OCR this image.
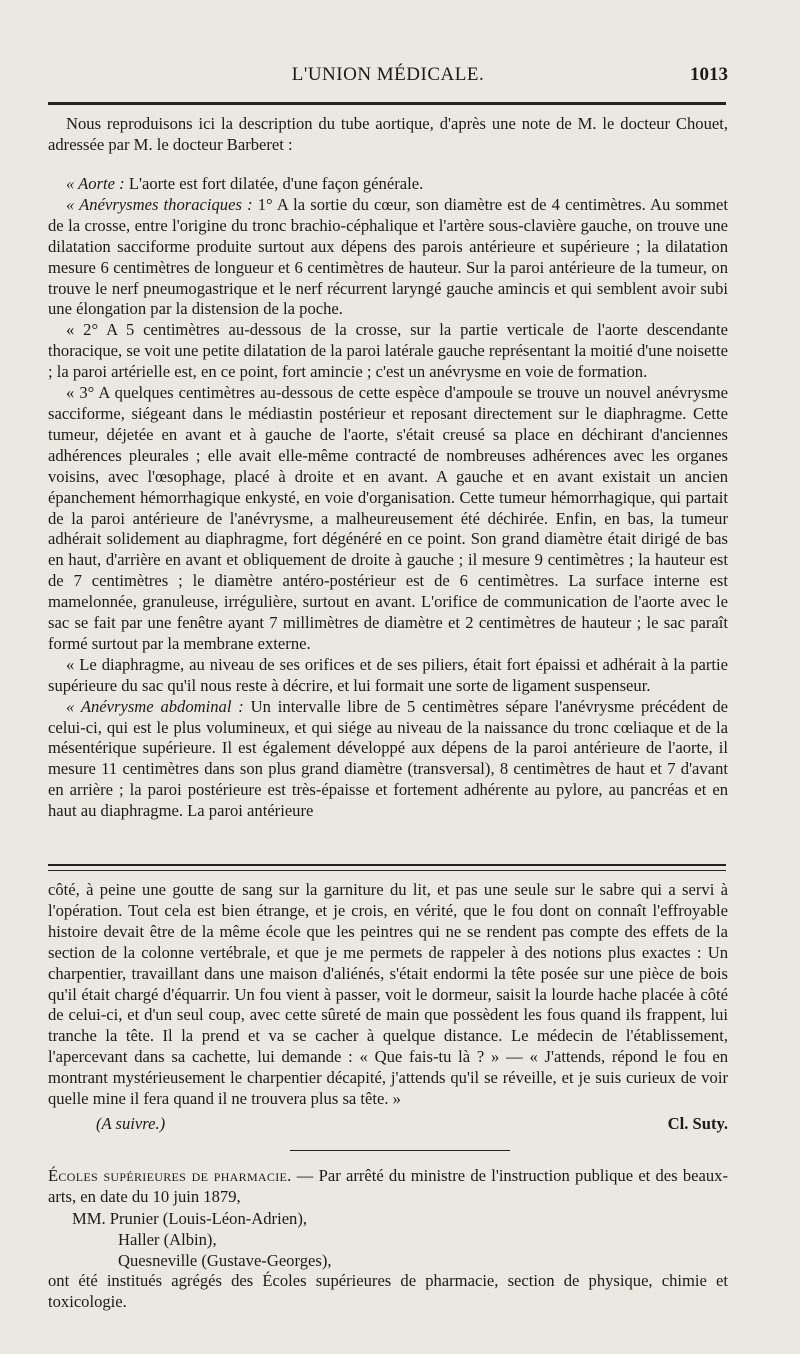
L'UNION MÉDICALE.	1013

Nous reproduisons ici la description du tube aortique, d'après une note de M. le docteur Chouet, adressée par M. le docteur Barberet :

« Aorte : L'aorte est fort dilatée, d'une façon générale.

« Anévrysmes thoraciques : 1° A la sortie du cœur, son diamètre est de 4 centimètres. Au sommet de la crosse, entre l'origine du tronc brachio-céphalique et l'artère sous-clavière gauche, on trouve une dilatation sacciforme produite surtout aux dépens des parois antérieure et supérieure ; la dilatation mesure 6 centimètres de longueur et 6 centimètres de hauteur. Sur la paroi antérieure de la tumeur, on trouve le nerf pneumogastrique et le nerf récurrent laryngé gauche amincis et qui semblent avoir subi une élongation par la distension de la poche.

« 2° A 5 centimètres au-dessous de la crosse, sur la partie verticale de l'aorte descendante thoracique, se voit une petite dilatation de la paroi latérale gauche représentant la moitié d'une noisette ; la paroi artérielle est, en ce point, fort amincie ; c'est un anévrysme en voie de formation.

« 3° A quelques centimètres au-dessous de cette espèce d'ampoule se trouve un nouvel anévrysme sacciforme, siégeant dans le médiastin postérieur et reposant directement sur le diaphragme. Cette tumeur, déjetée en avant et à gauche de l'aorte, s'était creusé sa place en déchirant d'anciennes adhérences pleurales ; elle avait elle-même contracté de nombreuses adhérences avec les organes voisins, avec l'œsophage, placé à droite et en avant. A gauche et en avant existait un ancien épanchement hémorrhagique enkysté, en voie d'organisation. Cette tumeur hémorrhagique, qui partait de la paroi antérieure de l'anévrysme, a malheureusement été déchirée. Enfin, en bas, la tumeur adhérait solidement au diaphragme, fort dégénéré en ce point. Son grand diamètre était dirigé de bas en haut, d'arrière en avant et obliquement de droite à gauche ; il mesure 9 centimètres ; la hauteur est de 7 centimètres ; le diamètre antéro-postérieur est de 6 centimètres. La surface interne est mamelonnée, granuleuse, irrégulière, surtout en avant. L'orifice de communication de l'aorte avec le sac se fait par une fenêtre ayant 7 millimètres de diamètre et 2 centimètres de hauteur ; le sac paraît formé surtout par la membrane externe.

« Le diaphragme, au niveau de ses orifices et de ses piliers, était fort épaissi et adhérait à la partie supérieure du sac qu'il nous reste à décrire, et lui formait une sorte de ligament suspenseur.

« Anévrysme abdominal : Un intervalle libre de 5 centimètres sépare l'anévrysme précédent de celui-ci, qui est le plus volumineux, et qui siége au niveau de la naissance du tronc cœliaque et de la mésentérique supérieure. Il est également développé aux dépens de la paroi antérieure de l'aorte, il mesure 11 centimètres dans son plus grand diamètre (transversal), 8 centimètres de haut et 7 d'avant en arrière ; la paroi postérieure est très-épaisse et fortement adhérente au pylore, au pancréas et en haut au diaphragme. La paroi antérieure

côté, à peine une goutte de sang sur la garniture du lit, et pas une seule sur le sabre qui a servi à l'opération. Tout cela est bien étrange, et je crois, en vérité, que le fou dont on connaît l'effroyable histoire devait être de la même école que les peintres qui ne se rendent pas compte des effets de la section de la colonne vertébrale, et que je me permets de rappeler à des notions plus exactes : Un charpentier, travaillant dans une maison d'aliénés, s'était endormi la tête posée sur une pièce de bois qu'il était chargé d'équarrir. Un fou vient à passer, voit le dormeur, saisit la lourde hache placée à côté de celui-ci, et d'un seul coup, avec cette sûreté de main que possèdent les fous quand ils frappent, lui tranche la tête. Il la prend et va se cacher à quelque distance. Le médecin de l'établissement, l'apercevant dans sa cachette, lui demande : « Que fais-tu là ? » — « J'attends, répond le fou en montrant mystérieusement le charpentier décapité, j'attends qu'il se réveille, et je suis curieux de voir quelle mine il fera quand il ne trouvera plus sa tête. »

(A suivre.)	Cl. Suty.

Écoles supérieures de pharmacie. — Par arrêté du ministre de l'instruction publique et des beaux-arts, en date du 10 juin 1879,

MM. Prunier (Louis-Léon-Adrien),
Haller (Albin),
Quesneville (Gustave-Georges),

ont été institués agrégés des Écoles supérieures de pharmacie, section de physique, chimie et toxicologie.
